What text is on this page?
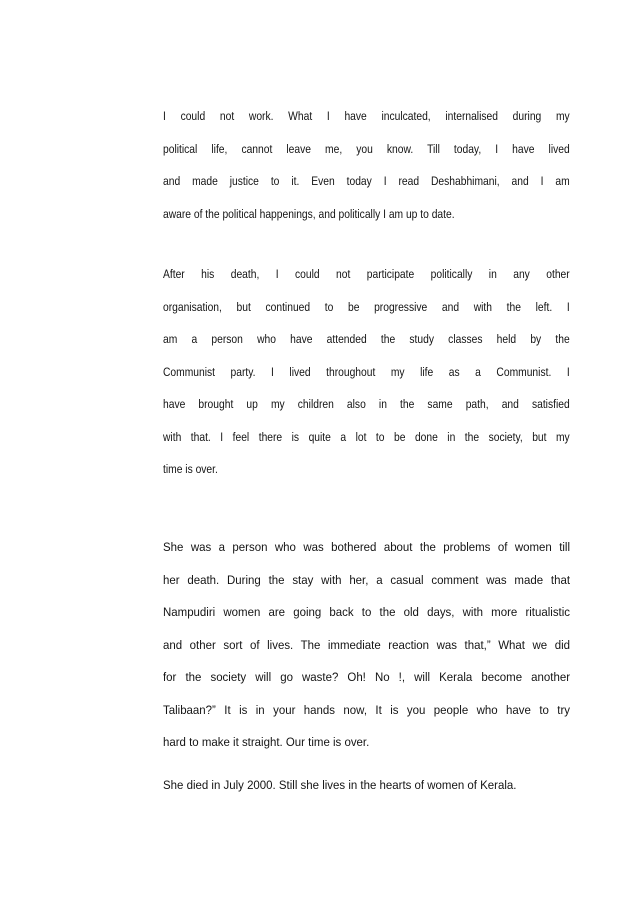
I could not work. What I have inculcated, internalised during my
political life, cannot leave me, you know. Till today, I have lived
and made justice to it. Even today I read Deshabhimani, and I am
aware of the political happenings, and politically I am up to date.
After his death, I could not participate politically in any other
organisation, but continued to be progressive and with the left. I
am a person who have attended the study classes held by the
Communist party. I lived throughout my life as a Communist. I
have brought up my children also in the same path, and satisfied
with that. I feel there is quite a lot to be done in the society, but my
time is over.
She was a person who was bothered about the problems of women till
her death. During the stay with her, a casual comment was made that
Nampudiri women are going back to the old days, with more ritualistic
and other sort of lives. The immediate reaction was that,” What we did
for the society will go waste? Oh! No !, will Kerala become another
Talibaan?” It is in your hands now, It is you people who have to try
hard to make it straight. Our time is over.
She died in July 2000. Still she lives in the hearts of women of Kerala.
